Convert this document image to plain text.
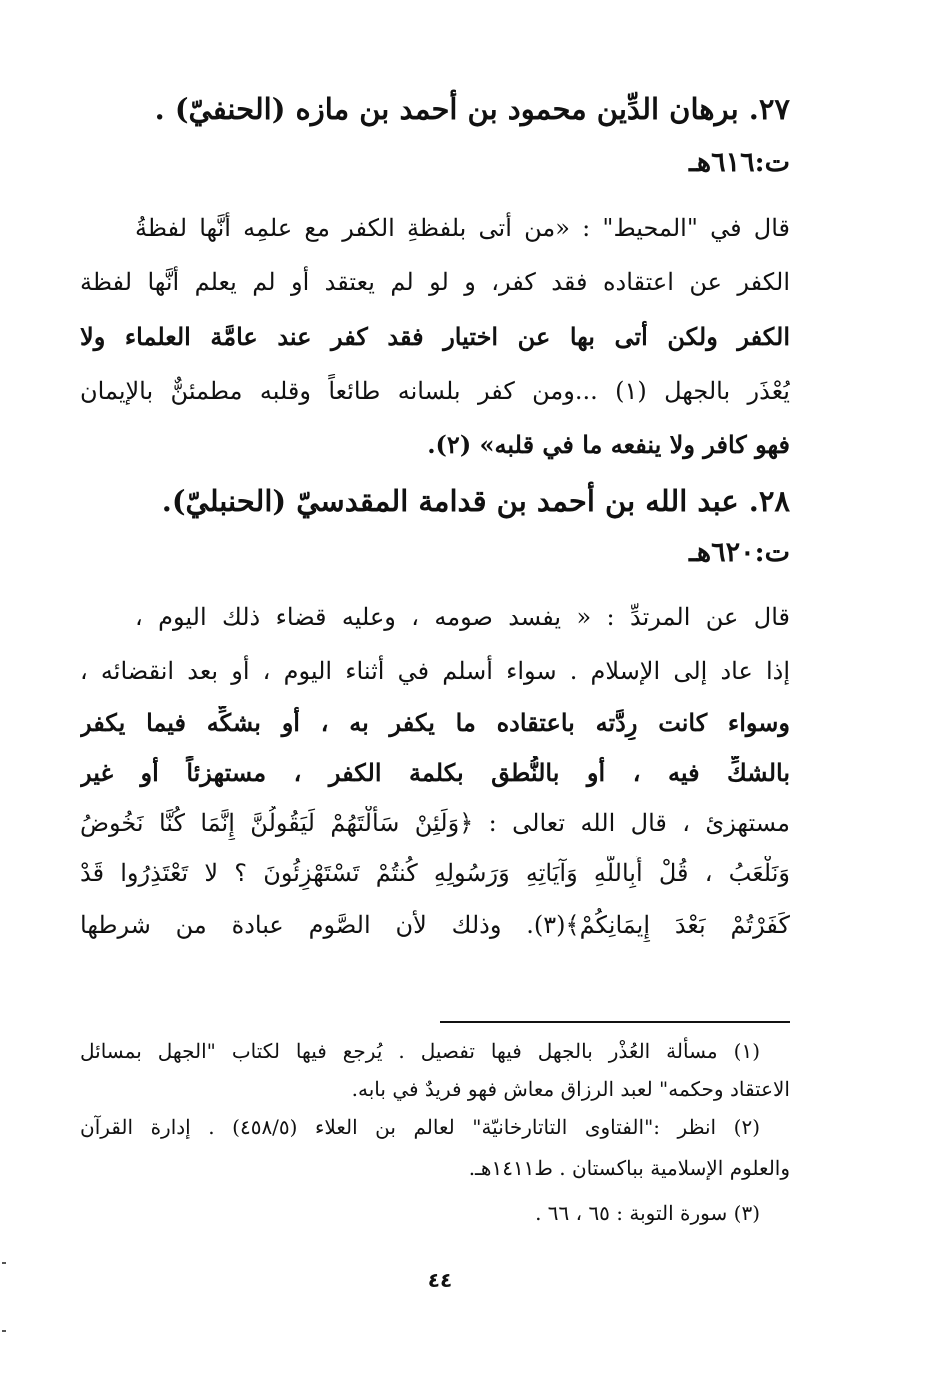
٢٧. برهان الدِّين محمود بن أحمد بن مازه (الحنفيّ) .
ت:٦١٦هـ
قال في "المحيط" : «من أتى بلفظةِ الكفر مع علمِه أنَّها لفظةُ
الكفر عن اعتقاده فقد كفر، و لو لم يعتقد أو لم يعلم أنَّها لفظة
الكفر ولكن أتى بها عن اختيار فقد كفر عند عامَّة العلماء ولا
يُعْذَر بالجهل (١) ...ومن كفر بلسانه طائعاً وقلبه مطمئنٌّ بالإيمان
فهو كافر ولا ينفعه ما في قلبه» (٢).
٢٨. عبد الله بن أحمد بن قدامة المقدسيّ (الحنبليّ).
ت:٦٢٠هـ
قال عن المرتدِّ : « يفسد صومه ، وعليه قضاء ذلك اليوم ،
إذا عاد إلى الإسلام . سواء أسلم في أثناء اليوم ، أو بعد انقضائه ،
وسواء كانت رِدَّته باعتقاده ما يكفر به ، أو بشكِّه فيما يكفر
بالشكِّ فيه ، أو بالنُّطق بكلمة الكفر ، مستهزئاً أو غير
مستهزئ ، قال الله تعالى : ﴿وَلَئِنْ سَأَلْتَهُمْ لَيَقُولُنَّ إِنَّمَا كُنَّا نَخُوضُ
وَنَلْعَبُ ، قُلْ أَبِاللَّهِ وَآيَاتِهِ وَرَسُولِهِ كُنتُمْ تَسْتَهْزِئُونَ ؟ لا تَعْتَذِرُوا قَدْ
كَفَرْتُمْ بَعْدَ إِيمَانِكُمْ﴾(٣). وذلك لأن الصَّوم عبادة من شرطها
(١) مسألة العُذْر بالجهل فيها تفصيل . يُرجع فيها لكتاب "الجهل بمسائل
الاعتقاد وحكمه" لعبد الرزاق معاش فهو فريدٌ في بابه.
(٢) انظر :"الفتاوى التاتارخانيّة" لعالم بن العلاء (٤٥٨/٥) . إدارة القرآن
والعلوم الإسلامية بباكستان . ط١٤١١هـ.
(٣) سورة التوبة : ٦٥ ، ٦٦ .
٤٤
